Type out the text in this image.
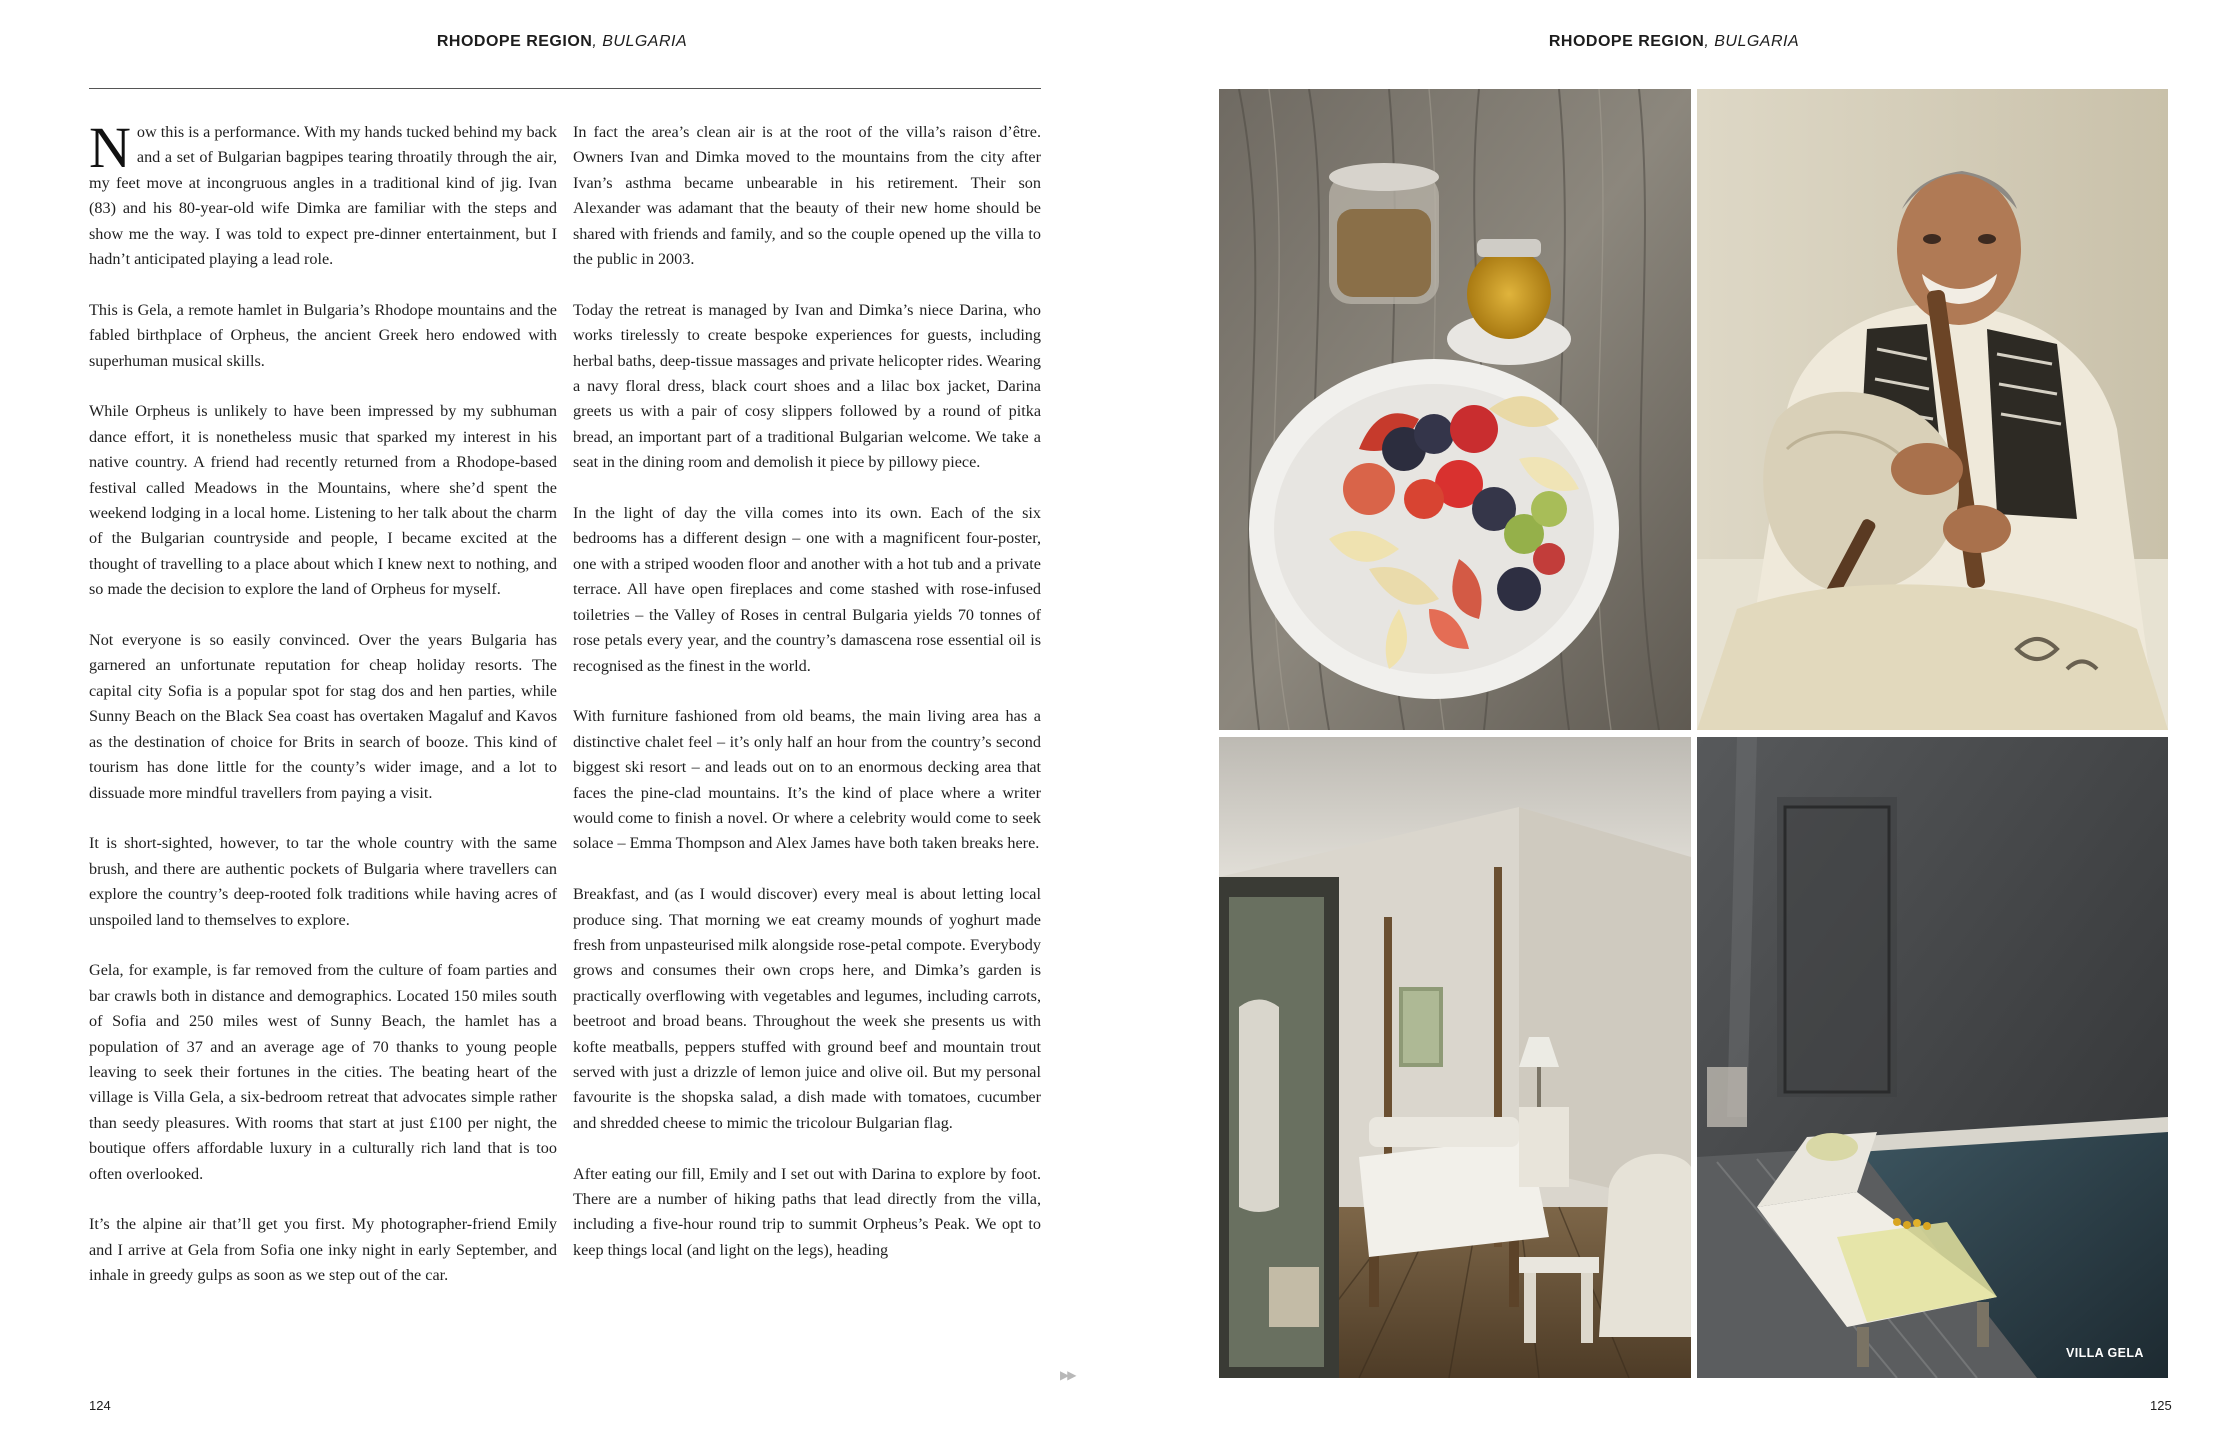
RHODOPE REGION, BULGARIA

Now this is a performance. With my hands tucked behind my back and a set of Bulgarian bagpipes tearing throatily through the air, my feet move at incongruous angles in a traditional kind of jig. Ivan (83) and his 80-year-old wife Dimka are familiar with the steps and show me the way. I was told to expect pre-dinner entertainment, but I hadn’t anticipated playing a lead role.

This is Gela, a remote hamlet in Bulgaria’s Rhodope mountains and the fabled birthplace of Orpheus, the ancient Greek hero endowed with superhuman musical skills.

While Orpheus is unlikely to have been impressed by my subhuman dance effort, it is nonetheless music that sparked my interest in his native country. A friend had recently returned from a Rhodope-based festival called Meadows in the Mountains, where she’d spent the weekend lodging in a local home. Listening to her talk about the charm of the Bulgarian countryside and people, I became excited at the thought of travelling to a place about which I knew next to nothing, and so made the decision to explore the land of Orpheus for myself.

Not everyone is so easily convinced. Over the years Bulgaria has garnered an unfortunate reputation for cheap holiday resorts. The capital city Sofia is a popular spot for stag dos and hen parties, while Sunny Beach on the Black Sea coast has overtaken Magaluf and Kavos as the destination of choice for Brits in search of booze. This kind of tourism has done little for the county’s wider image, and a lot to dissuade more mindful travellers from paying a visit.

It is short-sighted, however, to tar the whole country with the same brush, and there are authentic pockets of Bulgaria where travellers can explore the country’s deep-rooted folk traditions while having acres of unspoiled land to themselves to explore.

Gela, for example, is far removed from the culture of foam parties and bar crawls both in distance and demographics. Located 150 miles south of Sofia and 250 miles west of Sunny Beach, the hamlet has a population of 37 and an average age of 70 thanks to young people leaving to seek their fortunes in the cities. The beating heart of the village is Villa Gela, a six-bedroom retreat that advocates simple rather than seedy pleasures. With rooms that start at just £100 per night, the boutique offers affordable luxury in a culturally rich land that is too often overlooked.

It’s the alpine air that’ll get you first. My photographer-friend Emily and I arrive at Gela from Sofia one inky night in early September, and inhale in greedy gulps as soon as we step out of the car.

In fact the area’s clean air is at the root of the villa’s raison d’être. Owners Ivan and Dimka moved to the mountains from the city after Ivan’s asthma became unbearable in his retirement. Their son Alexander was adamant that the beauty of their new home should be shared with friends and family, and so the couple opened up the villa to the public in 2003.

Today the retreat is managed by Ivan and Dimka’s niece Darina, who works tirelessly to create bespoke experiences for guests, including herbal baths, deep-tissue massages and private helicopter rides. Wearing a navy floral dress, black court shoes and a lilac box jacket, Darina greets us with a pair of cosy slippers followed by a round of pitka bread, an important part of a traditional Bulgarian welcome. We take a seat in the dining room and demolish it piece by pillowy piece.

In the light of day the villa comes into its own. Each of the six bedrooms has a different design – one with a magnificent four-poster, one with a striped wooden floor and another with a hot tub and a private terrace. All have open fireplaces and come stashed with rose-infused toiletries – the Valley of Roses in central Bulgaria yields 70 tonnes of rose petals every year, and the country’s damascena rose essential oil is recognised as the finest in the world.

With furniture fashioned from old beams, the main living area has a distinctive chalet feel – it’s only half an hour from the country’s second biggest ski resort – and leads out on to an enormous decking area that faces the pine-clad mountains. It’s the kind of place where a writer would come to finish a novel. Or where a celebrity would come to seek solace – Emma Thompson and Alex James have both taken breaks here.

Breakfast, and (as I would discover) every meal is about letting local produce sing. That morning we eat creamy mounds of yoghurt made fresh from unpasteurised milk alongside rose-petal compote. Everybody grows and consumes their own crops here, and Dimka’s garden is practically overflowing with vegetables and legumes, including carrots, beetroot and broad beans. Throughout the week she presents us with kofte meatballs, peppers stuffed with ground beef and mountain trout served with just a drizzle of lemon juice and olive oil. But my personal favourite is the shopska salad, a dish made with tomatoes, cucumber and shredded cheese to mimic the tricolour Bulgarian flag.

After eating our fill, Emily and I set out with Darina to explore by foot. There are a number of hiking paths that lead directly from the villa, including a five-hour round trip to summit Orpheus’s Peak. We opt to keep things local (and light on the legs), heading

▶▶
124
RHODOPE REGION, BULGARIA
VILLA GELA
125
